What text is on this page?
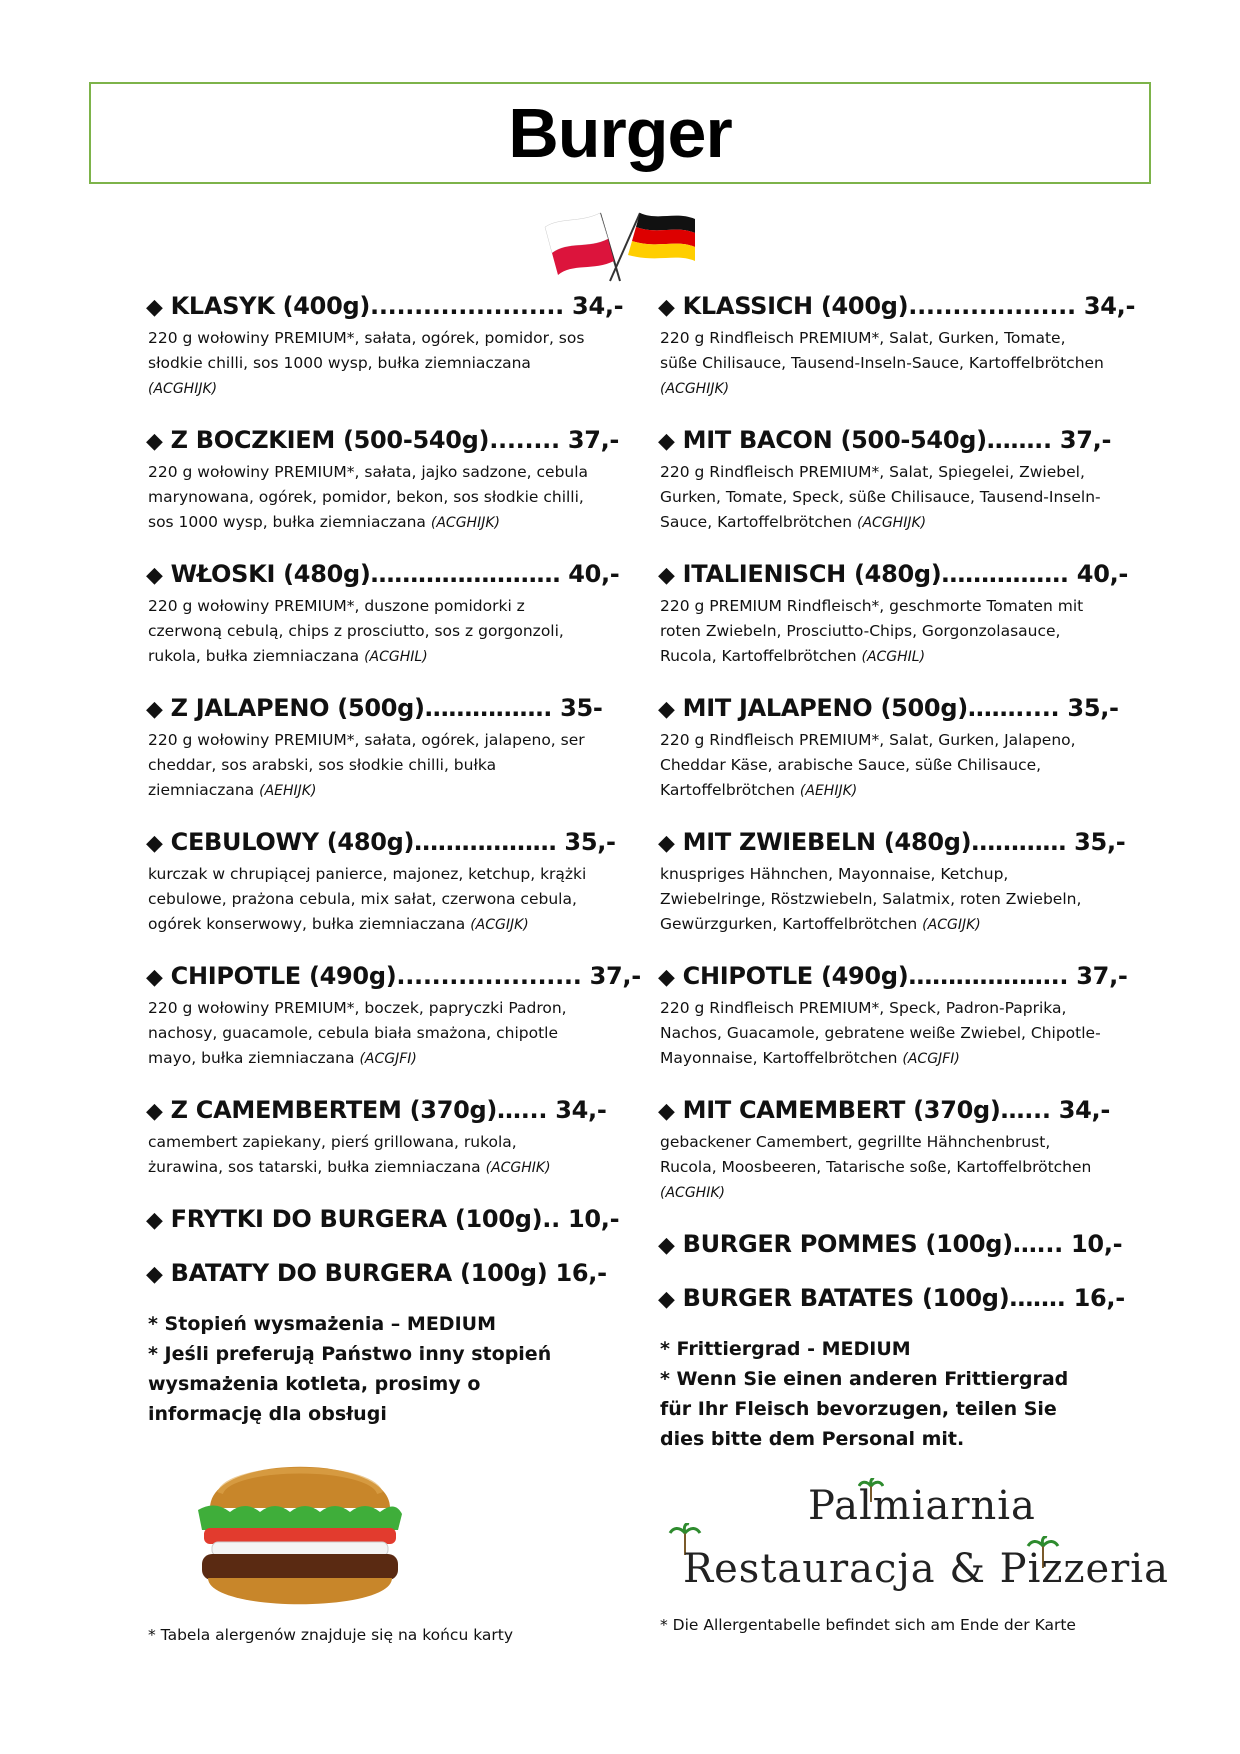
Burger
◆ KLASYK (400g)...................... 34,-
220 g wołowiny PREMIUM*, sałata, ogórek, pomidor, sos słodkie chilli, sos 1000 wysp, bułka ziemniaczana (ACGHIJK)
◆ Z BOCZKIEM (500-540g)........ 37,-
220 g wołowiny PREMIUM*, sałata, jajko sadzone, cebula marynowana, ogórek, pomidor, bekon, sos słodkie chilli, sos 1000 wysp, bułka ziemniaczana (ACGHIJK)
◆ WŁOSKI (480g)…………………… 40,-
220 g wołowiny PREMIUM*, duszone pomidorki z czerwoną cebulą, chips z prosciutto, sos z gorgonzoli, rukola, bułka ziemniaczana (ACGHIL)
◆ Z JALAPENO (500g)……………. 35-
220 g wołowiny PREMIUM*, sałata, ogórek, jalapeno, ser cheddar, sos arabski, sos słodkie chilli, bułka ziemniaczana (AEHIJK)
◆ CEBULOWY (480g)……………… 35,-
kurczak w chrupiącej panierce, majonez, ketchup, krążki cebulowe, prażona cebula, mix sałat, czerwona cebula, ogórek konserwowy, bułka ziemniaczana (ACGIJK)
◆ CHIPOTLE (490g)..................... 37,-
220 g wołowiny PREMIUM*, boczek, papryczki Padron, nachosy, guacamole, cebula biała smażona, chipotle mayo, bułka ziemniaczana (ACGJFI)
◆ Z CAMEMBERTEM (370g)…... 34,-
camembert zapiekany, pierś grillowana, rukola, żurawina, sos tatarski, bułka ziemniaczana (ACGHIK)
◆ FRYTKI DO BURGERA (100g).. 10,-
◆ BATATY DO BURGERA (100g) 16,-
* Stopień wysmażenia – MEDIUM
* Jeśli preferują Państwo inny stopień wysmażenia kotleta, prosimy o informację dla obsługi
◆ KLASSICH (400g)................... 34,-
220 g Rindfleisch PREMIUM*, Salat, Gurken, Tomate, süße Chilisauce, Tausend-Inseln-Sauce, Kartoffelbrötchen (ACGHIJK)
◆ MIT BACON (500-540g)…….. 37,-
220 g Rindfleisch PREMIUM*, Salat, Spiegelei, Zwiebel, Gurken, Tomate, Speck, süße Chilisauce, Tausend-Inseln-Sauce, Kartoffelbrötchen (ACGHIJK)
◆ ITALIENISCH (480g)……………. 40,-
220 g PREMIUM Rindfleisch*, geschmorte Tomaten mit roten Zwiebeln, Prosciutto-Chips, Gorgonzolasauce, Rucola, Kartoffelbrötchen (ACGHIL)
◆ MIT JALAPENO (500g)……..... 35,-
220 g Rindfleisch PREMIUM*, Salat, Gurken, Jalapeno, Cheddar Käse, arabische Sauce, süße Chilisauce, Kartoffelbrötchen (AEHIJK)
◆ MIT ZWIEBELN (480g)………… 35,-
knuspriges Hähnchen, Mayonnaise, Ketchup, Zwiebelringe, Röstzwiebeln, Salatmix, roten Zwiebeln, Gewürzgurken, Kartoffelbrötchen (ACGIJK)
◆ CHIPOTLE (490g)……………….. 37,-
220 g Rindfleisch PREMIUM*, Speck, Padron-Paprika, Nachos, Guacamole, gebratene weiße Zwiebel, Chipotle-Mayonnaise, Kartoffelbrötchen (ACGJFI)
◆ MIT CAMEMBERT (370g)…... 34,-
gebackener Camembert, gegrillte Hähnchenbrust, Rucola, Moosbeeren, Tatarische soße, Kartoffelbrötchen (ACGHIK)
◆ BURGER POMMES (100g)…... 10,-
◆ BURGER BATATES (100g)……. 16,-
* Frittiergrad - MEDIUM
* Wenn Sie einen anderen Frittiergrad für Ihr Fleisch bevorzugen, teilen Sie dies bitte dem Personal mit.
* Tabela alergenów znajduje się na końcu karty
Palmiarnia
Restauracja & Pizzeria
* Die Allergentabelle befindet sich am Ende der Karte
